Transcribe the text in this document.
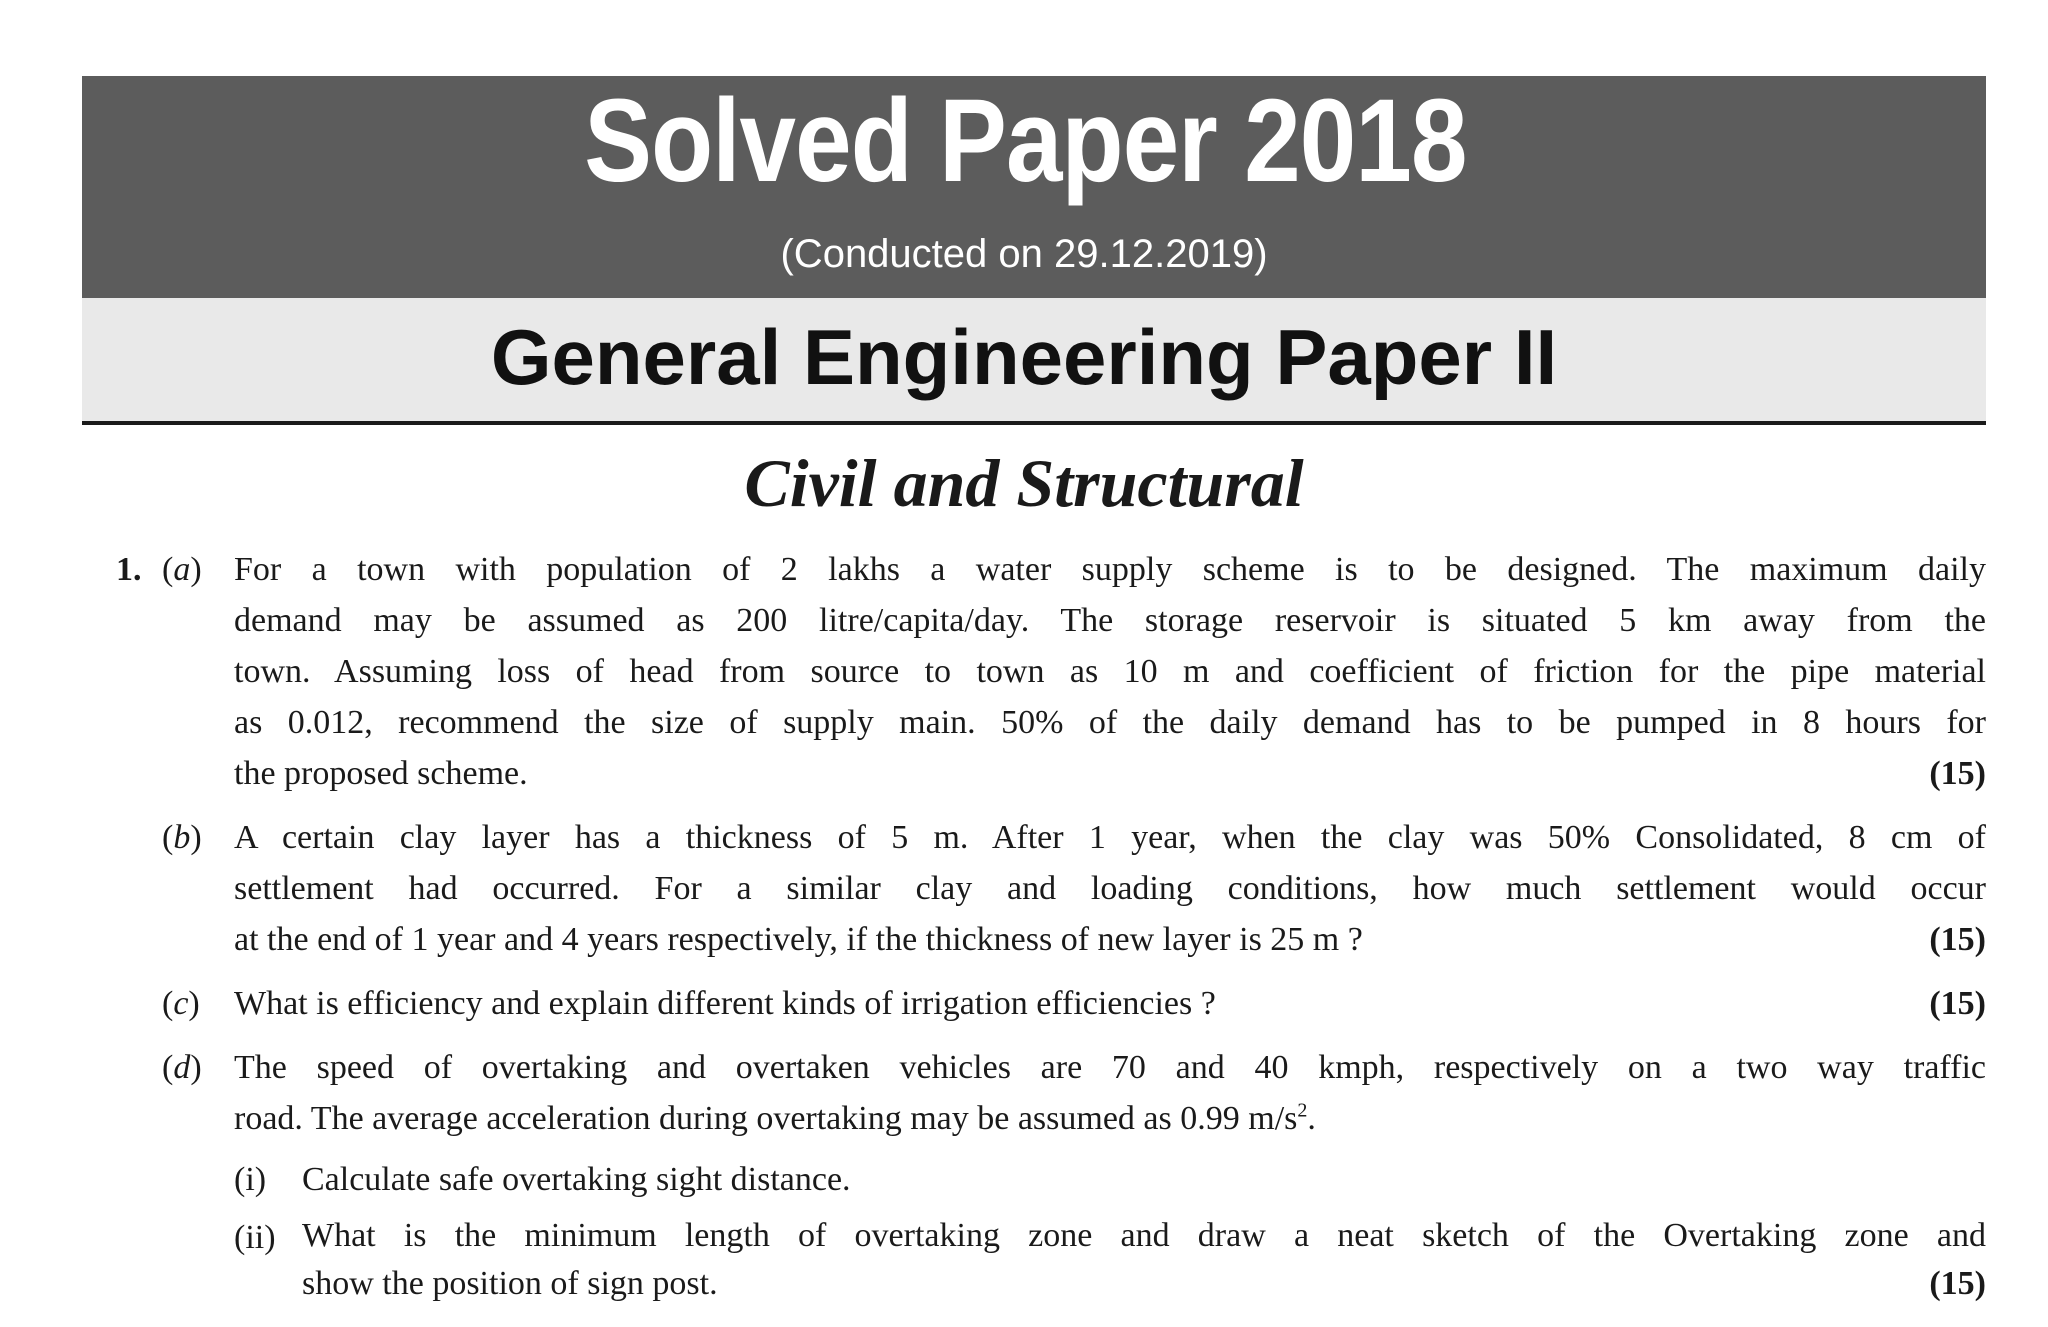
Solved Paper 2018
(Conducted on 29.12.2019)
General Engineering Paper II
Civil and Structural
1. (a) For a town with population of 2 lakhs a water supply scheme is to be designed. The maximum daily
demand may be assumed as 200 litre/capita/day. The storage reservoir is situated 5 km away from the
town. Assuming loss of head from source to town as 10 m and coefficient of friction for the pipe material
as 0.012, recommend the size of supply main. 50% of the daily demand has to be pumped in 8 hours for
the proposed scheme.	(15)
(b) A certain clay layer has a thickness of 5 m. After 1 year, when the clay was 50% Consolidated, 8 cm of
settlement had occurred. For a similar clay and loading conditions, how much settlement would occur
at the end of 1 year and 4 years respectively, if the thickness of new layer is 25 m ?	(15)
(c) What is efficiency and explain different kinds of irrigation efficiencies ?	(15)
(d) The speed of overtaking and overtaken vehicles are 70 and 40 kmph, respectively on a two way traffic
road. The average acceleration during overtaking may be assumed as 0.99 $m/s^2$.
(i) Calculate safe overtaking sight distance.
(ii) What is the minimum length of overtaking zone and draw a neat sketch of the Overtaking zone and
show the position of sign post.	(15)
